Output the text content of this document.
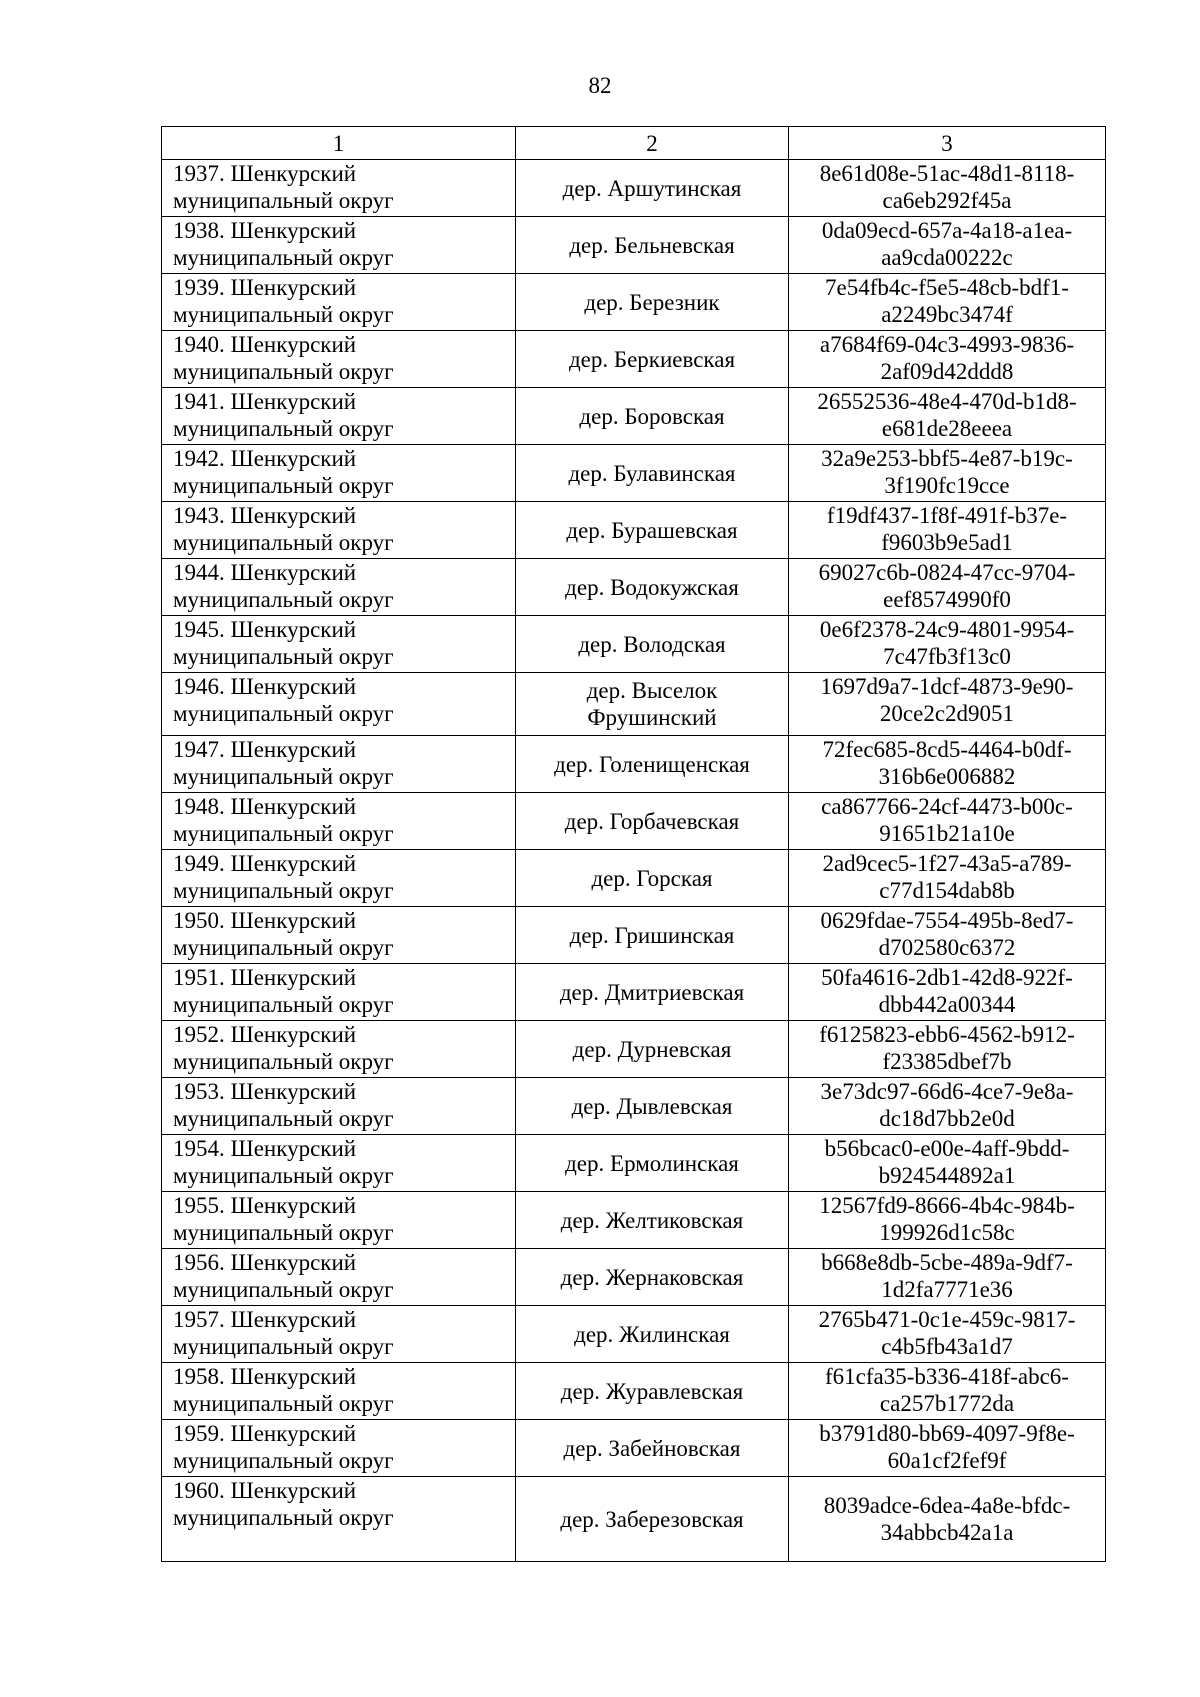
82
1	2	3

1937. Шенкурский
муниципальный округ	дер. Аршутинская	8e61d08e-51ac-48d1-8118-
ca6eb292f45a

1938. Шенкурский
муниципальный округ	дер. Бельневская	0da09ecd-657a-4a18-a1ea-
aa9cda00222c

1939. Шенкурский
муниципальный округ	дер. Березник	7e54fb4c-f5e5-48cb-bdf1-
a2249bc3474f

1940. Шенкурский
муниципальный округ	дер. Беркиевская	a7684f69-04c3-4993-9836-
2af09d42ddd8

1941. Шенкурский
муниципальный округ	дер. Боровская	26552536-48e4-470d-b1d8-
e681de28eeea

1942. Шенкурский
муниципальный округ	дер. Булавинская	32a9e253-bbf5-4e87-b19c-
3f190fc19cce

1943. Шенкурский
муниципальный округ	дер. Бурашевская	f19df437-1f8f-491f-b37e-
f9603b9e5ad1

1944. Шенкурский
муниципальный округ	дер. Водокужская	69027c6b-0824-47cc-9704-
eef8574990f0

1945. Шенкурский
муниципальный округ	дер. Володская	0e6f2378-24c9-4801-9954-
7c47fb3f13c0

1946. Шенкурский
муниципальный округ	дер. Выселок
Фрушинский	1697d9a7-1dcf-4873-9e90-
20ce2c2d9051

1947. Шенкурский
муниципальный округ	дер. Голенищенская	72fec685-8cd5-4464-b0df-
316b6e006882

1948. Шенкурский
муниципальный округ	дер. Горбачевская	ca867766-24cf-4473-b00c-
91651b21a10e

1949. Шенкурский
муниципальный округ	дер. Горская	2ad9cec5-1f27-43a5-a789-
c77d154dab8b

1950. Шенкурский
муниципальный округ	дер. Гришинская	0629fdae-7554-495b-8ed7-
d702580c6372

1951. Шенкурский
муниципальный округ	дер. Дмитриевская	50fa4616-2db1-42d8-922f-
dbb442a00344

1952. Шенкурский
муниципальный округ	дер. Дурневская	f6125823-ebb6-4562-b912-
f23385dbef7b

1953. Шенкурский
муниципальный округ	дер. Дывлевская	3e73dc97-66d6-4ce7-9e8a-
dc18d7bb2e0d

1954. Шенкурский
муниципальный округ	дер. Ермолинская	b56bcac0-e00e-4aff-9bdd-
b924544892a1

1955. Шенкурский
муниципальный округ	дер. Желтиковская	12567fd9-8666-4b4c-984b-
199926d1c58c

1956. Шенкурский
муниципальный округ	дер. Жернаковская	b668e8db-5cbe-489a-9df7-
1d2fa7771e36

1957. Шенкурский
муниципальный округ	дер. Жилинская	2765b471-0c1e-459c-9817-
c4b5fb43a1d7

1958. Шенкурский
муниципальный округ	дер. Журавлевская	f61cfa35-b336-418f-abc6-
ca257b1772da

1959. Шенкурский
муниципальный округ	дер. Забейновская	b3791d80-bb69-4097-9f8e-
60a1cf2fef9f

1960. Шенкурский
муниципальный округ	дер. Заберезовская	8039adce-6dea-4a8e-bfdc-
34abbcb42a1a
